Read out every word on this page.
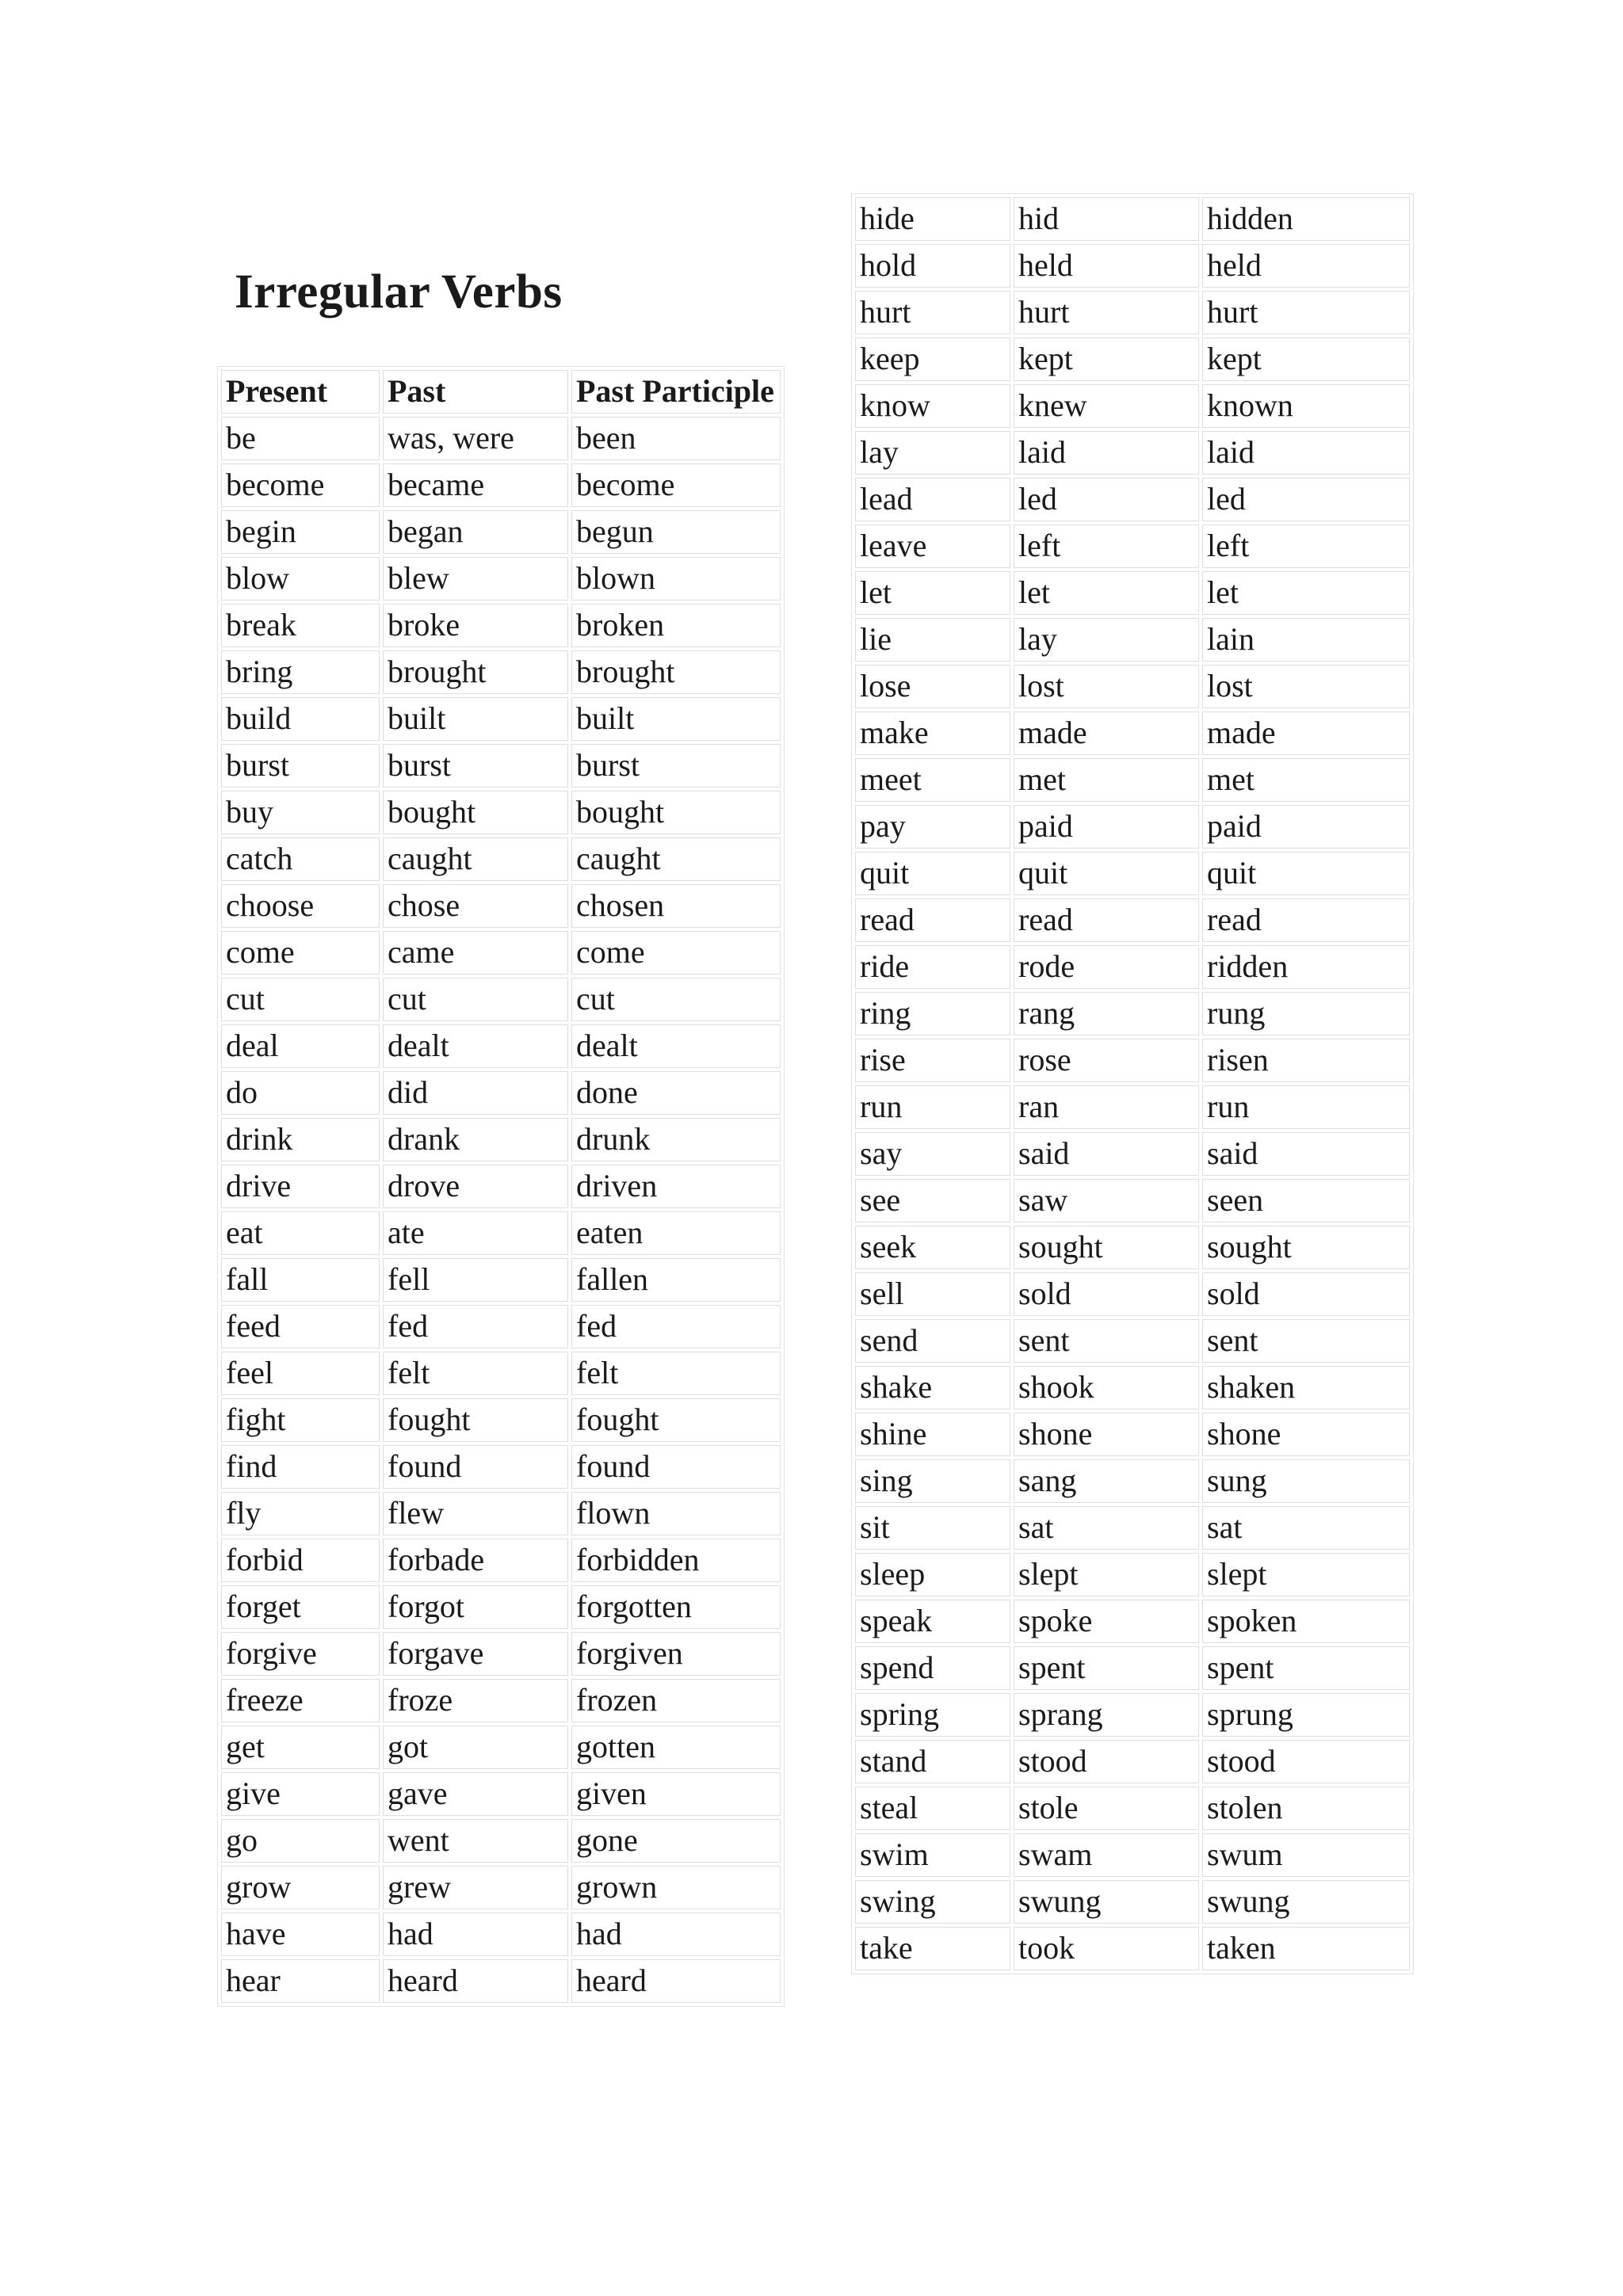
Irregular Verbs
Present	Past	Past Participle
be	was, were	been
become	became	become
begin	began	begun
blow	blew	blown
break	broke	broken
bring	brought	brought
build	built	built
burst	burst	burst
buy	bought	bought
catch	caught	caught
choose	chose	chosen
come	came	come
cut	cut	cut
deal	dealt	dealt
do	did	done
drink	drank	drunk
drive	drove	driven
eat	ate	eaten
fall	fell	fallen
feed	fed	fed
feel	felt	felt
fight	fought	fought
find	found	found
fly	flew	flown
forbid	forbade	forbidden
forget	forgot	forgotten
forgive	forgave	forgiven
freeze	froze	frozen
get	got	gotten
give	gave	given
go	went	gone
grow	grew	grown
have	had	had
hear	heard	heard
hide	hid	hidden
hold	held	held
hurt	hurt	hurt
keep	kept	kept
know	knew	known
lay	laid	laid
lead	led	led
leave	left	left
let	let	let
lie	lay	lain
lose	lost	lost
make	made	made
meet	met	met
pay	paid	paid
quit	quit	quit
read	read	read
ride	rode	ridden
ring	rang	rung
rise	rose	risen
run	ran	run
say	said	said
see	saw	seen
seek	sought	sought
sell	sold	sold
send	sent	sent
shake	shook	shaken
shine	shone	shone
sing	sang	sung
sit	sat	sat
sleep	slept	slept
speak	spoke	spoken
spend	spent	spent
spring	sprang	sprung
stand	stood	stood
steal	stole	stolen
swim	swam	swum
swing	swung	swung
take	took	taken
